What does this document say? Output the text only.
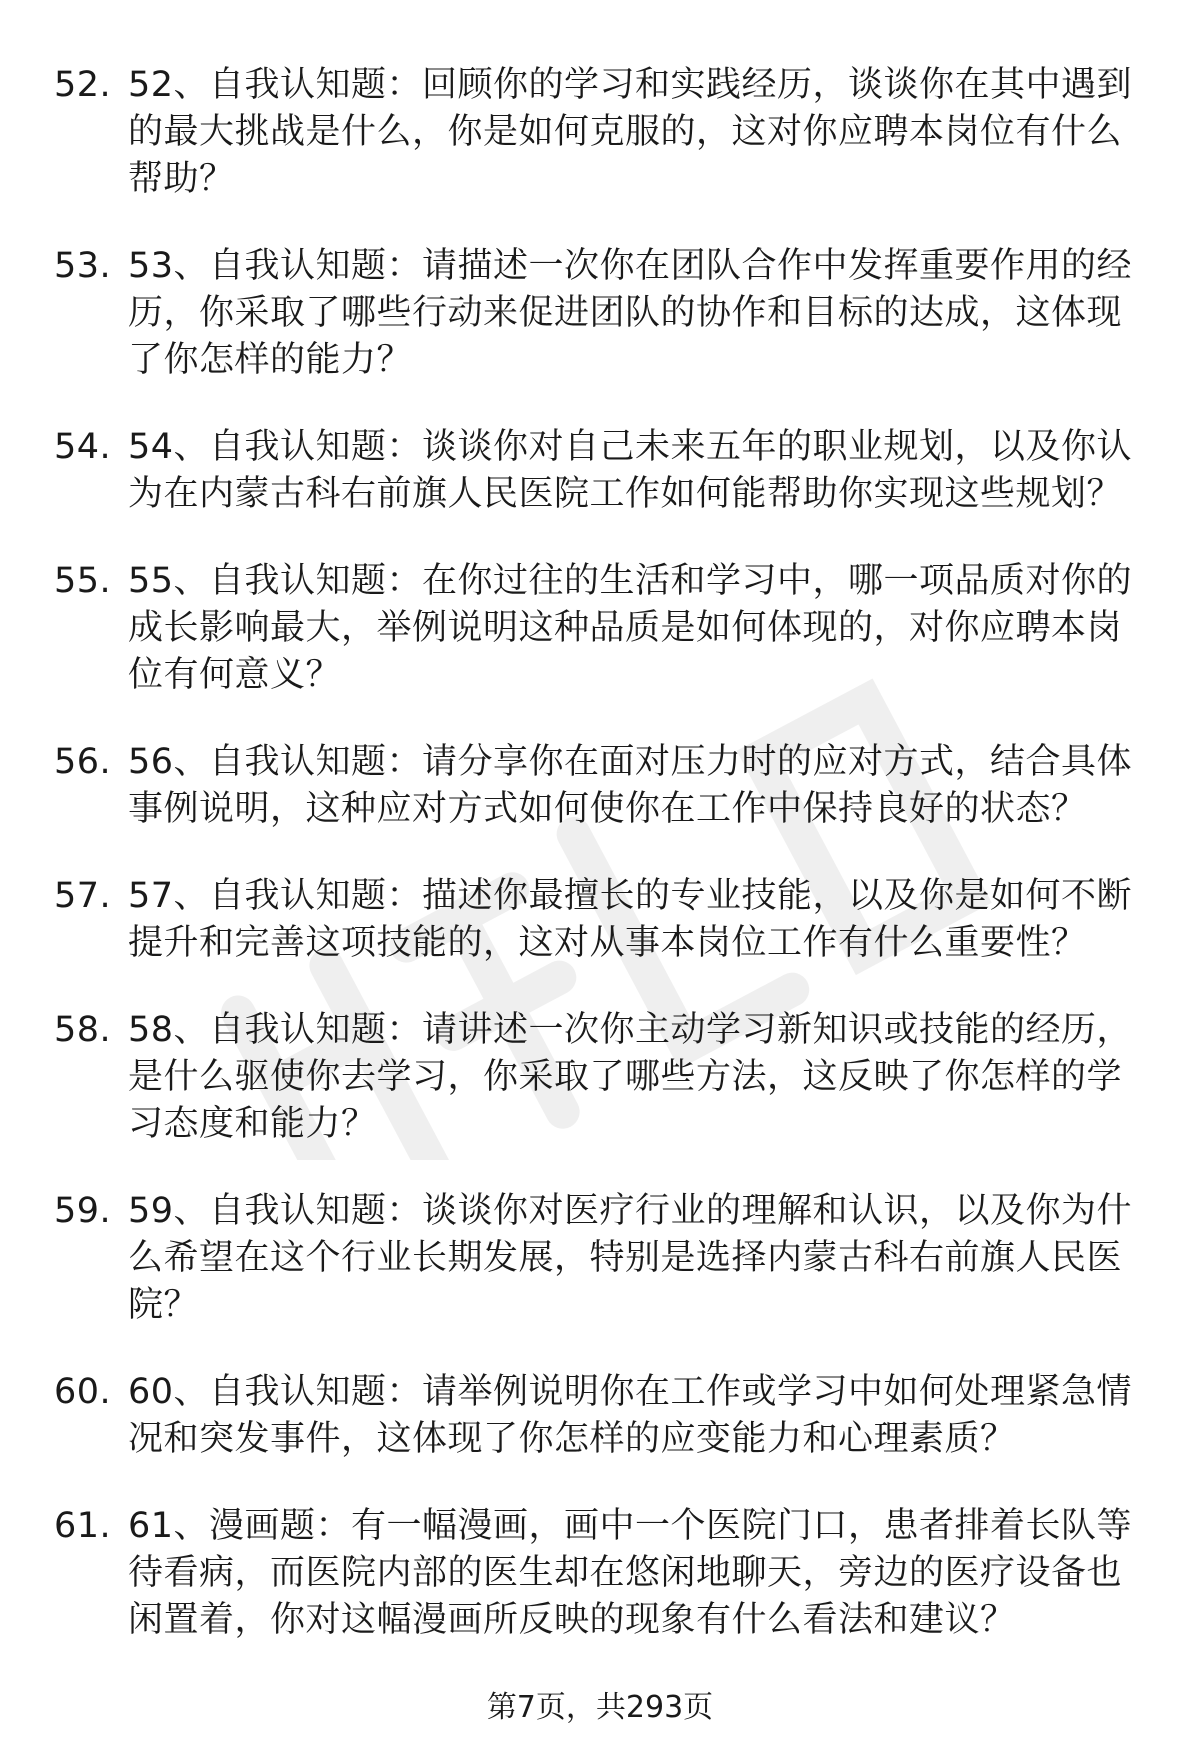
52. 52、自我认知题：回顾你的学习和实践经历，谈谈你在其中遇到的最大挑战是什么，你是如何克服的，这对你应聘本岗位有什么帮助？
53. 53、自我认知题：请描述一次你在团队合作中发挥重要作用的经历，你采取了哪些行动来促进团队的协作和目标的达成，这体现了你怎样的能力？
54. 54、自我认知题：谈谈你对自己未来五年的职业规划，以及你认为在内蒙古科右前旗人民医院工作如何能帮助你实现这些规划？
55. 55、自我认知题：在你过往的生活和学习中，哪一项品质对你的成长影响最大，举例说明这种品质是如何体现的，对你应聘本岗位有何意义？
56. 56、自我认知题：请分享你在面对压力时的应对方式，结合具体事例说明，这种应对方式如何使你在工作中保持良好的状态？
57. 57、自我认知题：描述你最擅长的专业技能，以及你是如何不断提升和完善这项技能的，这对从事本岗位工作有什么重要性？
58. 58、自我认知题：请讲述一次你主动学习新知识或技能的经历，是什么驱使你去学习，你采取了哪些方法，这反映了你怎样的学习态度和能力？
59. 59、自我认知题：谈谈你对医疗行业的理解和认识，以及你为什么希望在这个行业长期发展，特别是选择内蒙古科右前旗人民医院？
60. 60、自我认知题：请举例说明你在工作或学习中如何处理紧急情况和突发事件，这体现了你怎样的应变能力和心理素质？
61. 61、漫画题：有一幅漫画，画中一个医院门口，患者排着长队等待看病，而医院内部的医生却在悠闲地聊天，旁边的医疗设备也闲置着，你对这幅漫画所反映的现象有什么看法和建议？
第7页，共293页
